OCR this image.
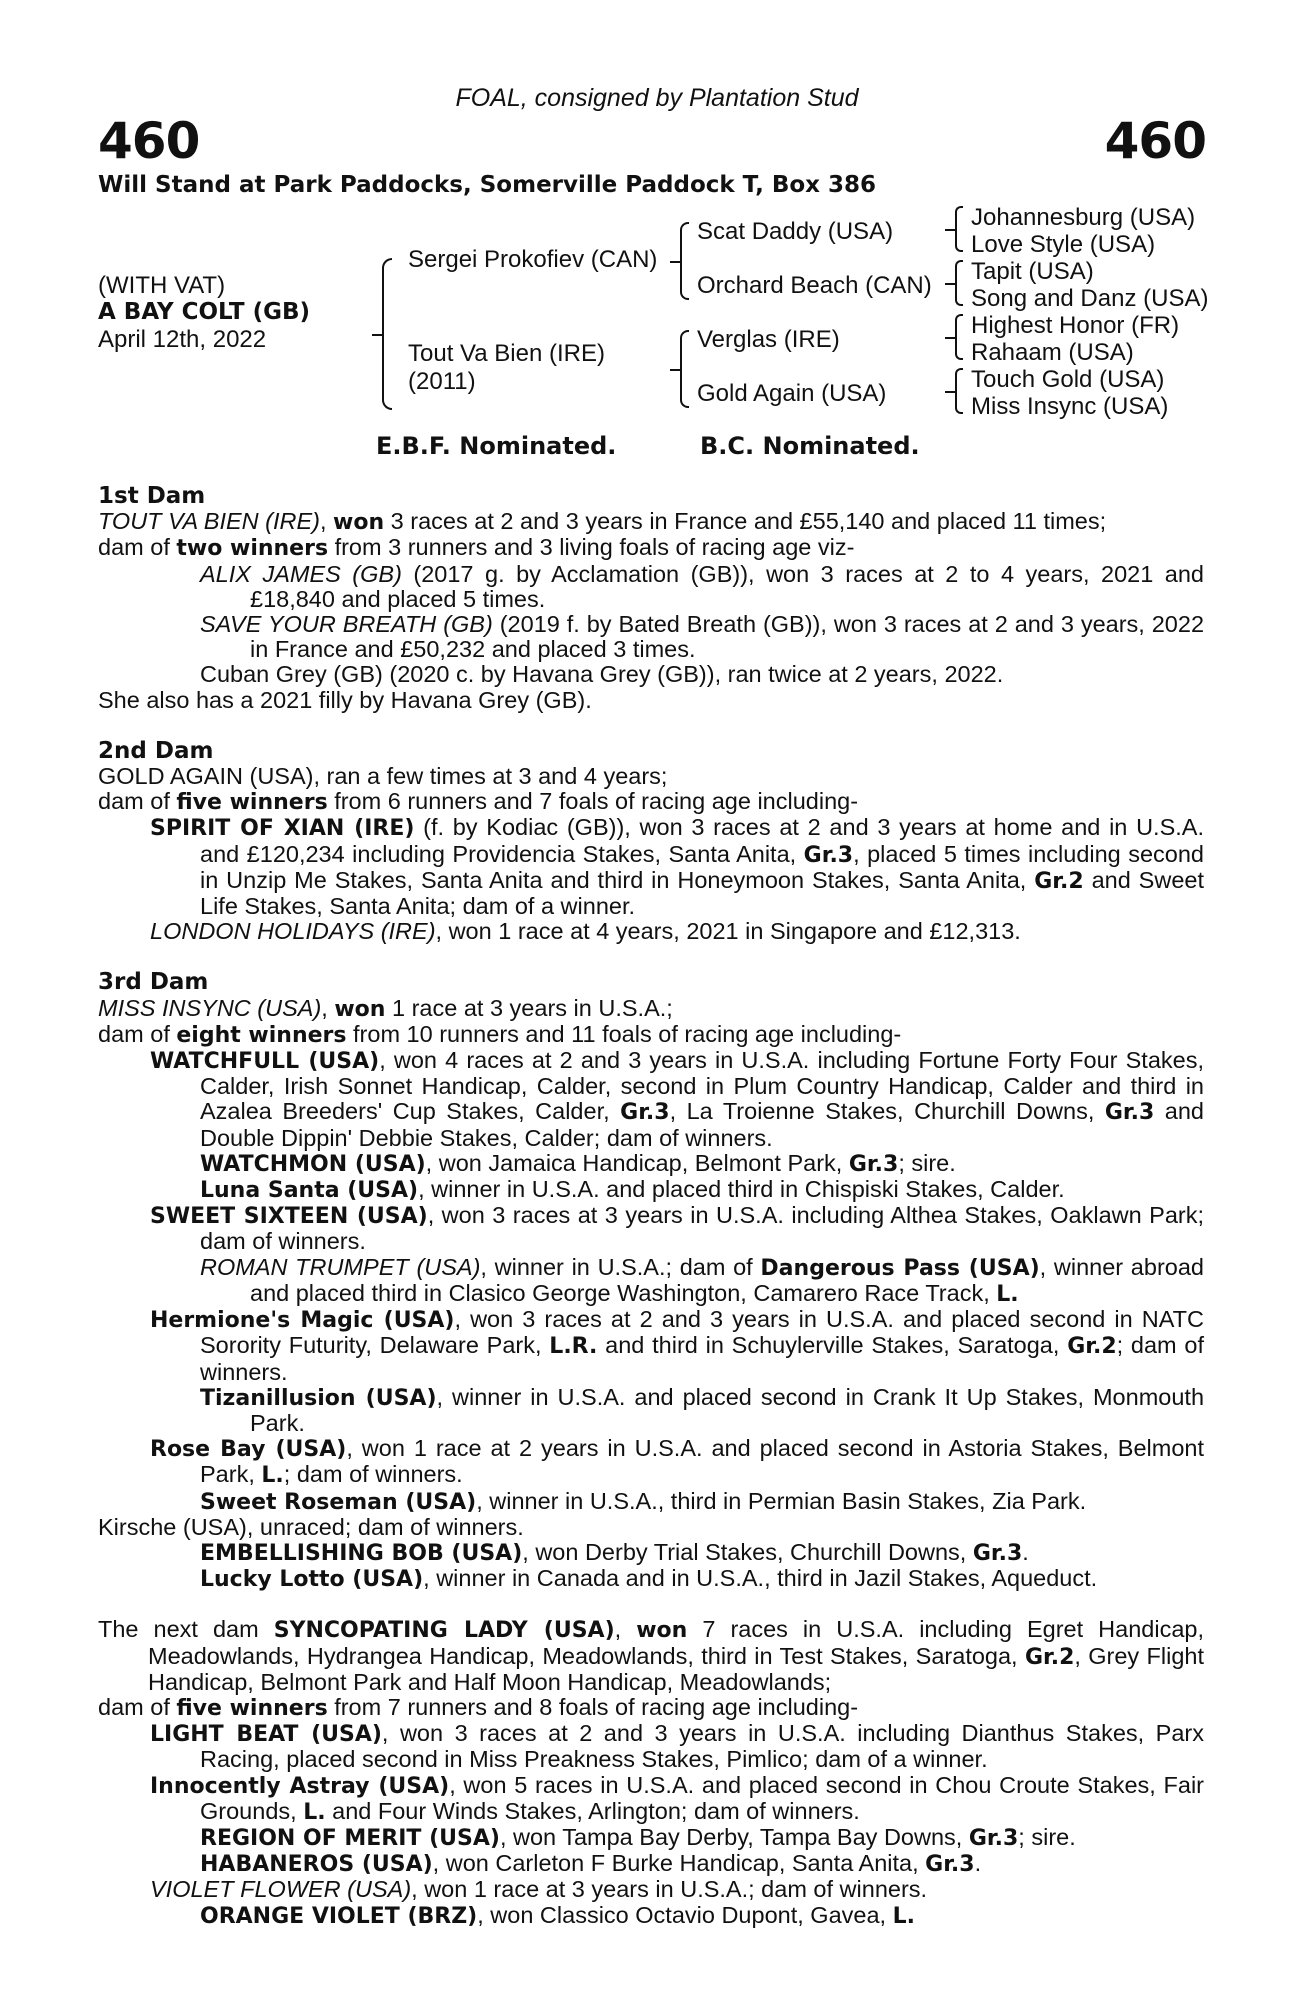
FOAL, consigned by Plantation Stud
460	460
Will Stand at Park Paddocks, Somerville Paddock T, Box 386
(WITH VAT)
A BAY COLT (GB)
April 12th, 2022
Sergei Prokofiev (CAN)
Tout Va Bien (IRE)
(2011)
Scat Daddy (USA)
Orchard Beach (CAN)
Verglas (IRE)
Gold Again (USA)
Johannesburg (USA)
Love Style (USA)
Tapit (USA)
Song and Danz (USA)
Highest Honor (FR)
Rahaam (USA)
Touch Gold (USA)
Miss Insync (USA)
E.B.F. Nominated.	B.C. Nominated.

1st Dam

TOUT VA BIEN (IRE), won 3 races at 2 and 3 years in France and £55,140 and placed 11 times;

dam of two winners from 3 runners and 3 living foals of racing age viz-

ALIX JAMES (GB) (2017 g. by Acclamation (GB)), won 3 races at 2 to 4 years, 2021 and £18,840 and placed 5 times.

SAVE YOUR BREATH (GB) (2019 f. by Bated Breath (GB)), won 3 races at 2 and 3 years, 2022 in France and £50,232 and placed 3 times.

Cuban Grey (GB) (2020 c. by Havana Grey (GB)), ran twice at 2 years, 2022.

She also has a 2021 filly by Havana Grey (GB).

2nd Dam

GOLD AGAIN (USA), ran a few times at 3 and 4 years;

dam of five winners from 6 runners and 7 foals of racing age including-

SPIRIT OF XIAN (IRE) (f. by Kodiac (GB)), won 3 races at 2 and 3 years at home and in U.S.A. and £120,234 including Providencia Stakes, Santa Anita, Gr.3, placed 5 times including second in Unzip Me Stakes, Santa Anita and third in Honeymoon Stakes, Santa Anita, Gr.2 and Sweet Life Stakes, Santa Anita; dam of a winner.

LONDON HOLIDAYS (IRE), won 1 race at 4 years, 2021 in Singapore and £12,313.

3rd Dam

MISS INSYNC (USA), won 1 race at 3 years in U.S.A.;

dam of eight winners from 10 runners and 11 foals of racing age including-

WATCHFULL (USA), won 4 races at 2 and 3 years in U.S.A. including Fortune Forty Four Stakes, Calder, Irish Sonnet Handicap, Calder, second in Plum Country Handicap, Calder and third in Azalea Breeders' Cup Stakes, Calder, Gr.3, La Troienne Stakes, Churchill Downs, Gr.3 and Double Dippin' Debbie Stakes, Calder; dam of winners.

WATCHMON (USA), won Jamaica Handicap, Belmont Park, Gr.3; sire.

Luna Santa (USA), winner in U.S.A. and placed third in Chispiski Stakes, Calder.

SWEET SIXTEEN (USA), won 3 races at 3 years in U.S.A. including Althea Stakes, Oaklawn Park; dam of winners.

ROMAN TRUMPET (USA), winner in U.S.A.; dam of Dangerous Pass (USA), winner abroad and placed third in Clasico George Washington, Camarero Race Track, L.

Hermione's Magic (USA), won 3 races at 2 and 3 years in U.S.A. and placed second in NATC Sorority Futurity, Delaware Park, L.R. and third in Schuylerville Stakes, Saratoga, Gr.2; dam of winners.

Tizanillusion (USA), winner in U.S.A. and placed second in Crank It Up Stakes, Monmouth Park.

Rose Bay (USA), won 1 race at 2 years in U.S.A. and placed second in Astoria Stakes, Belmont Park, L.; dam of winners.

Sweet Roseman (USA), winner in U.S.A., third in Permian Basin Stakes, Zia Park.

Kirsche (USA), unraced; dam of winners.

EMBELLISHING BOB (USA), won Derby Trial Stakes, Churchill Downs, Gr.3.

Lucky Lotto (USA), winner in Canada and in U.S.A., third in Jazil Stakes, Aqueduct.

The next dam SYNCOPATING LADY (USA), won 7 races in U.S.A. including Egret Handicap, Meadowlands, Hydrangea Handicap, Meadowlands, third in Test Stakes, Saratoga, Gr.2, Grey Flight Handicap, Belmont Park and Half Moon Handicap, Meadowlands;

dam of five winners from 7 runners and 8 foals of racing age including-

LIGHT BEAT (USA), won 3 races at 2 and 3 years in U.S.A. including Dianthus Stakes, Parx Racing, placed second in Miss Preakness Stakes, Pimlico; dam of a winner.

Innocently Astray (USA), won 5 races in U.S.A. and placed second in Chou Croute Stakes, Fair Grounds, L. and Four Winds Stakes, Arlington; dam of winners.

REGION OF MERIT (USA), won Tampa Bay Derby, Tampa Bay Downs, Gr.3; sire.

HABANEROS (USA), won Carleton F Burke Handicap, Santa Anita, Gr.3.

VIOLET FLOWER (USA), won 1 race at 3 years in U.S.A.; dam of winners.

ORANGE VIOLET (BRZ), won Classico Octavio Dupont, Gavea, L.
